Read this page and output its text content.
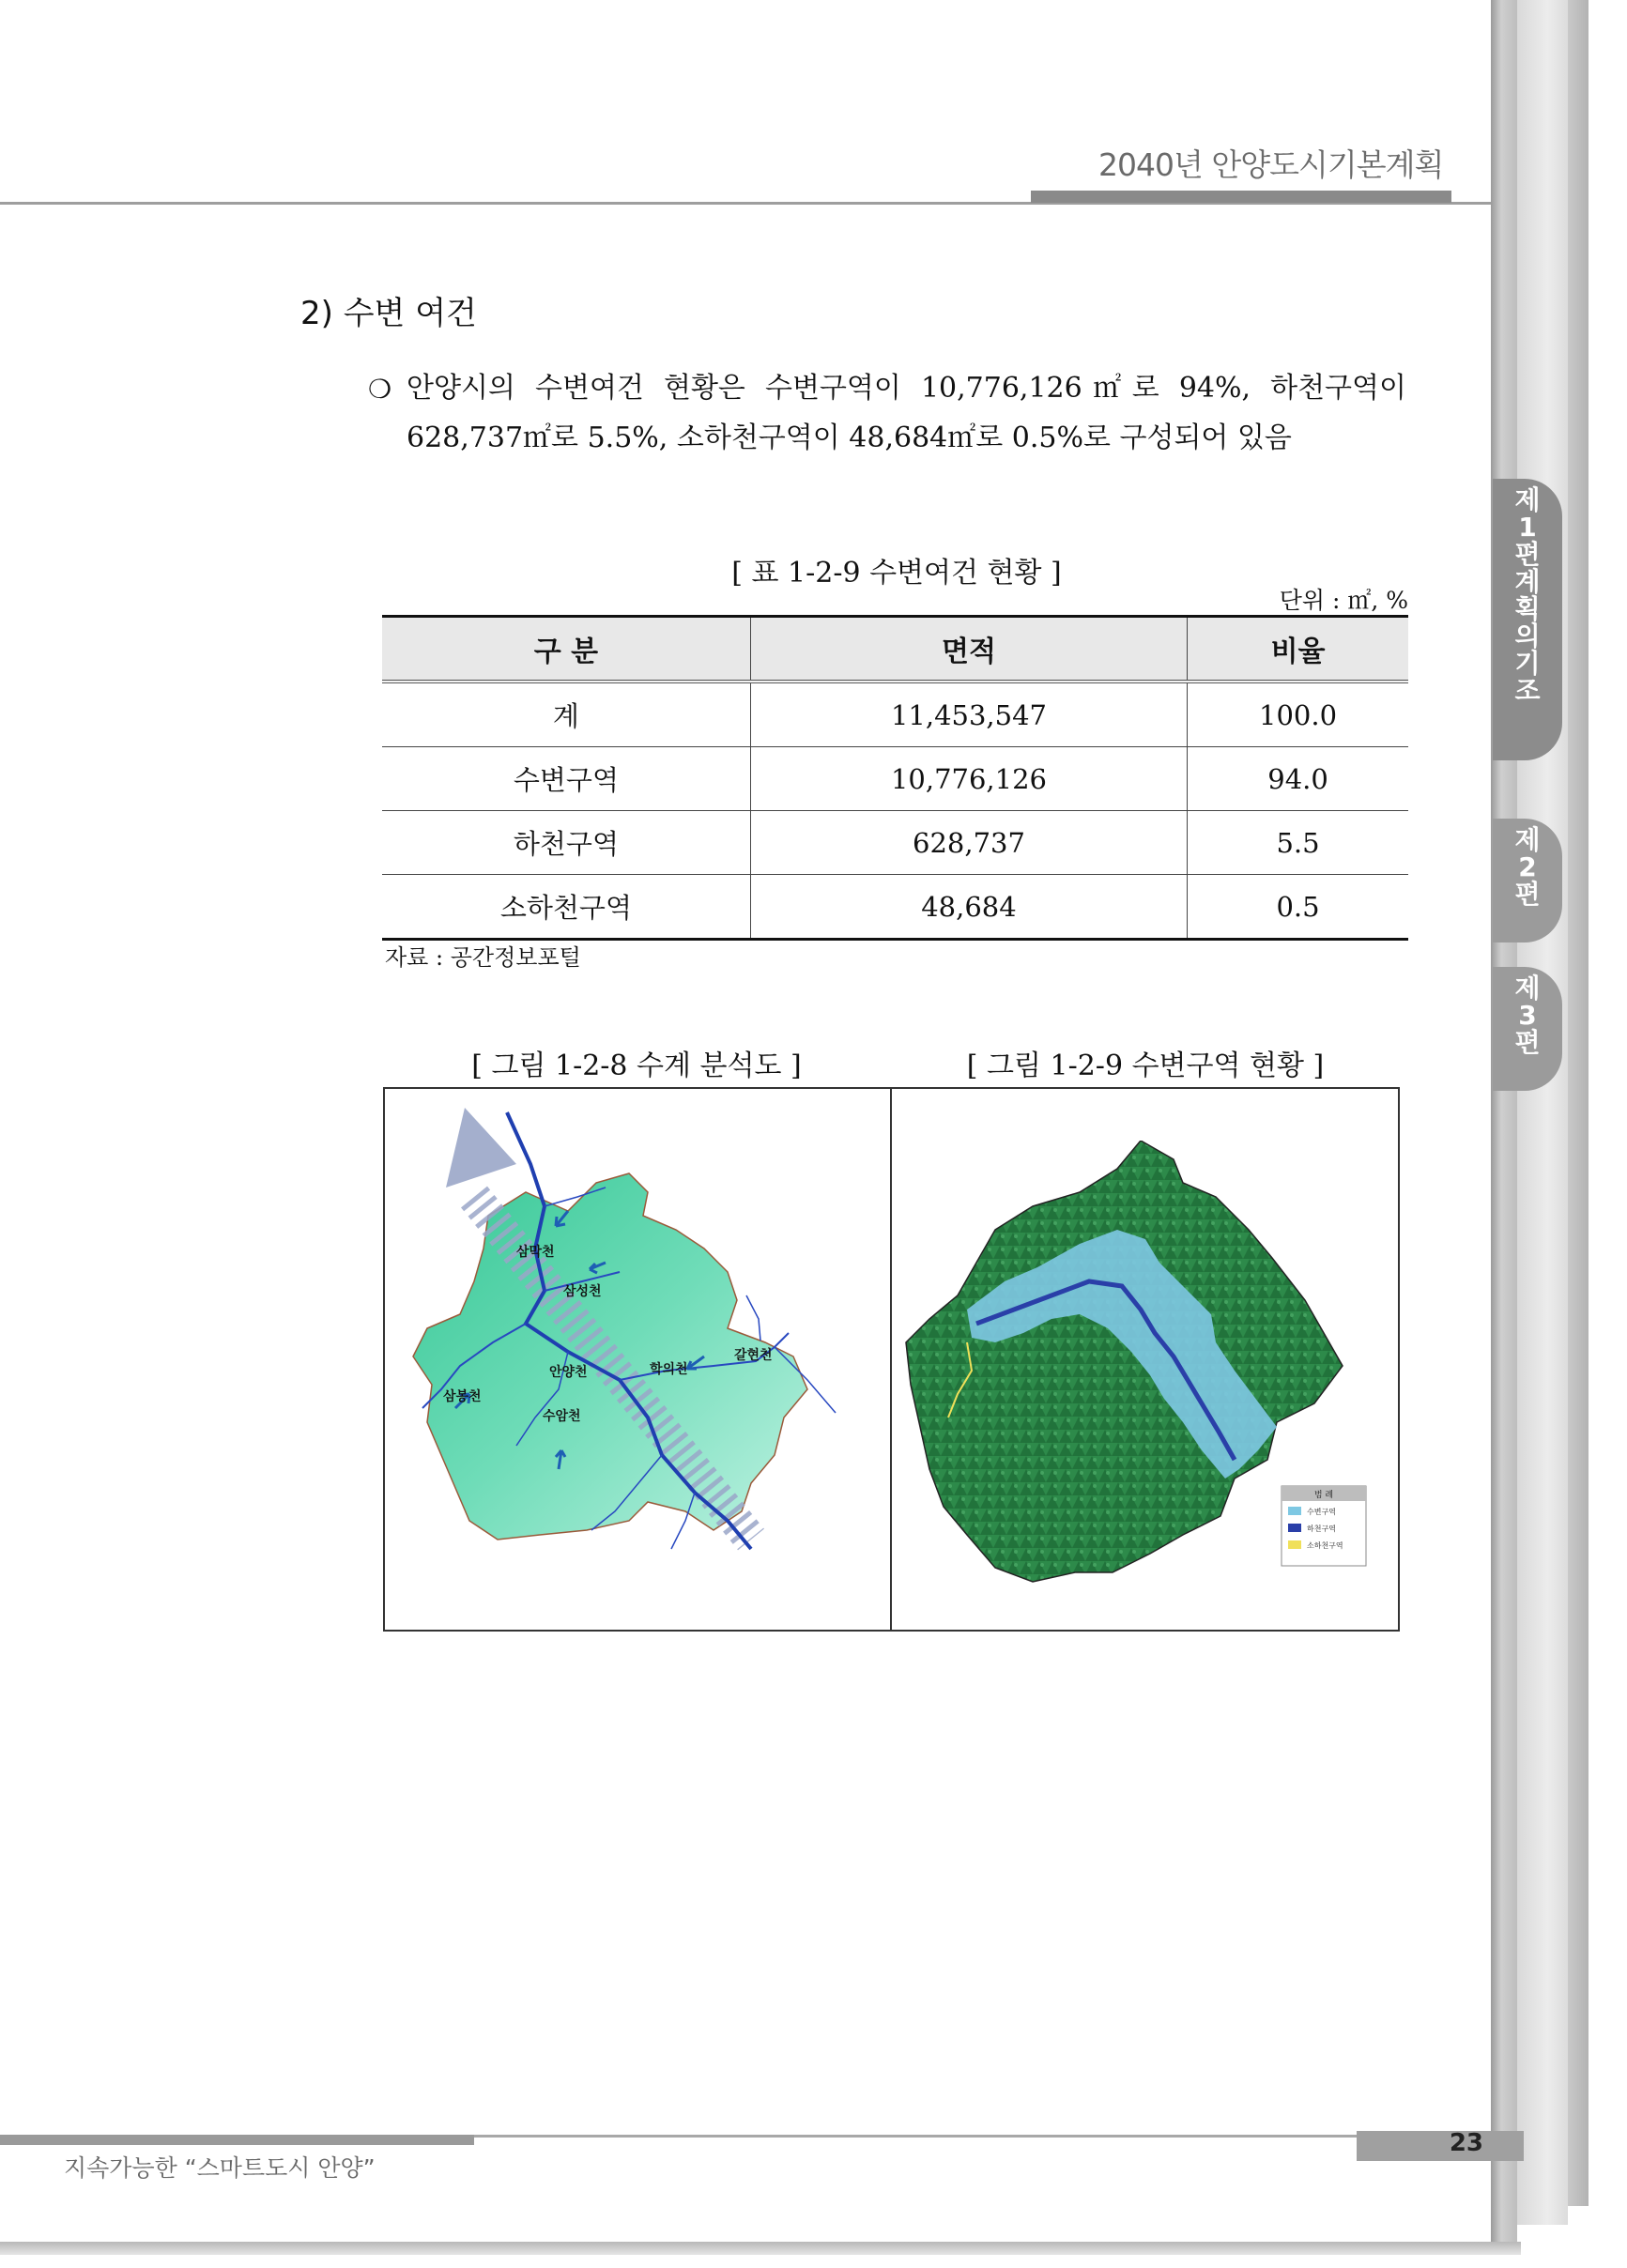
2040년 안양도시기본계획
제
1
편
계
획
의
기
조
제
2
편
제
3
편
2) 수변 여건
❍ 안양시의 수변여건 현황은 수변구역이 10,776,126㎡로 94%, 하천구역이
628,737㎡로 5.5%, 소하천구역이 48,684㎡로 0.5%로 구성되어 있음
[ 표 1-2-9 수변여건 현황 ]
단위 : ㎡, %
구 분	면적	비율
계	11,453,547	100.0
수변구역	10,776,126	94.0
하천구역	628,737	5.5
소하천구역	48,684	0.5
자료 : 공간정보포털
[ 그림 1-2-8 수계 분석도 ]	[ 그림 1-2-9 수변구역 현황 ]
삼막천
삼성천
안양천	학의천
갈현천
삼봉천
수암천
범 례
수변구역
하천구역
소하천구역
지속가능한 “스마트도시 안양”
23
